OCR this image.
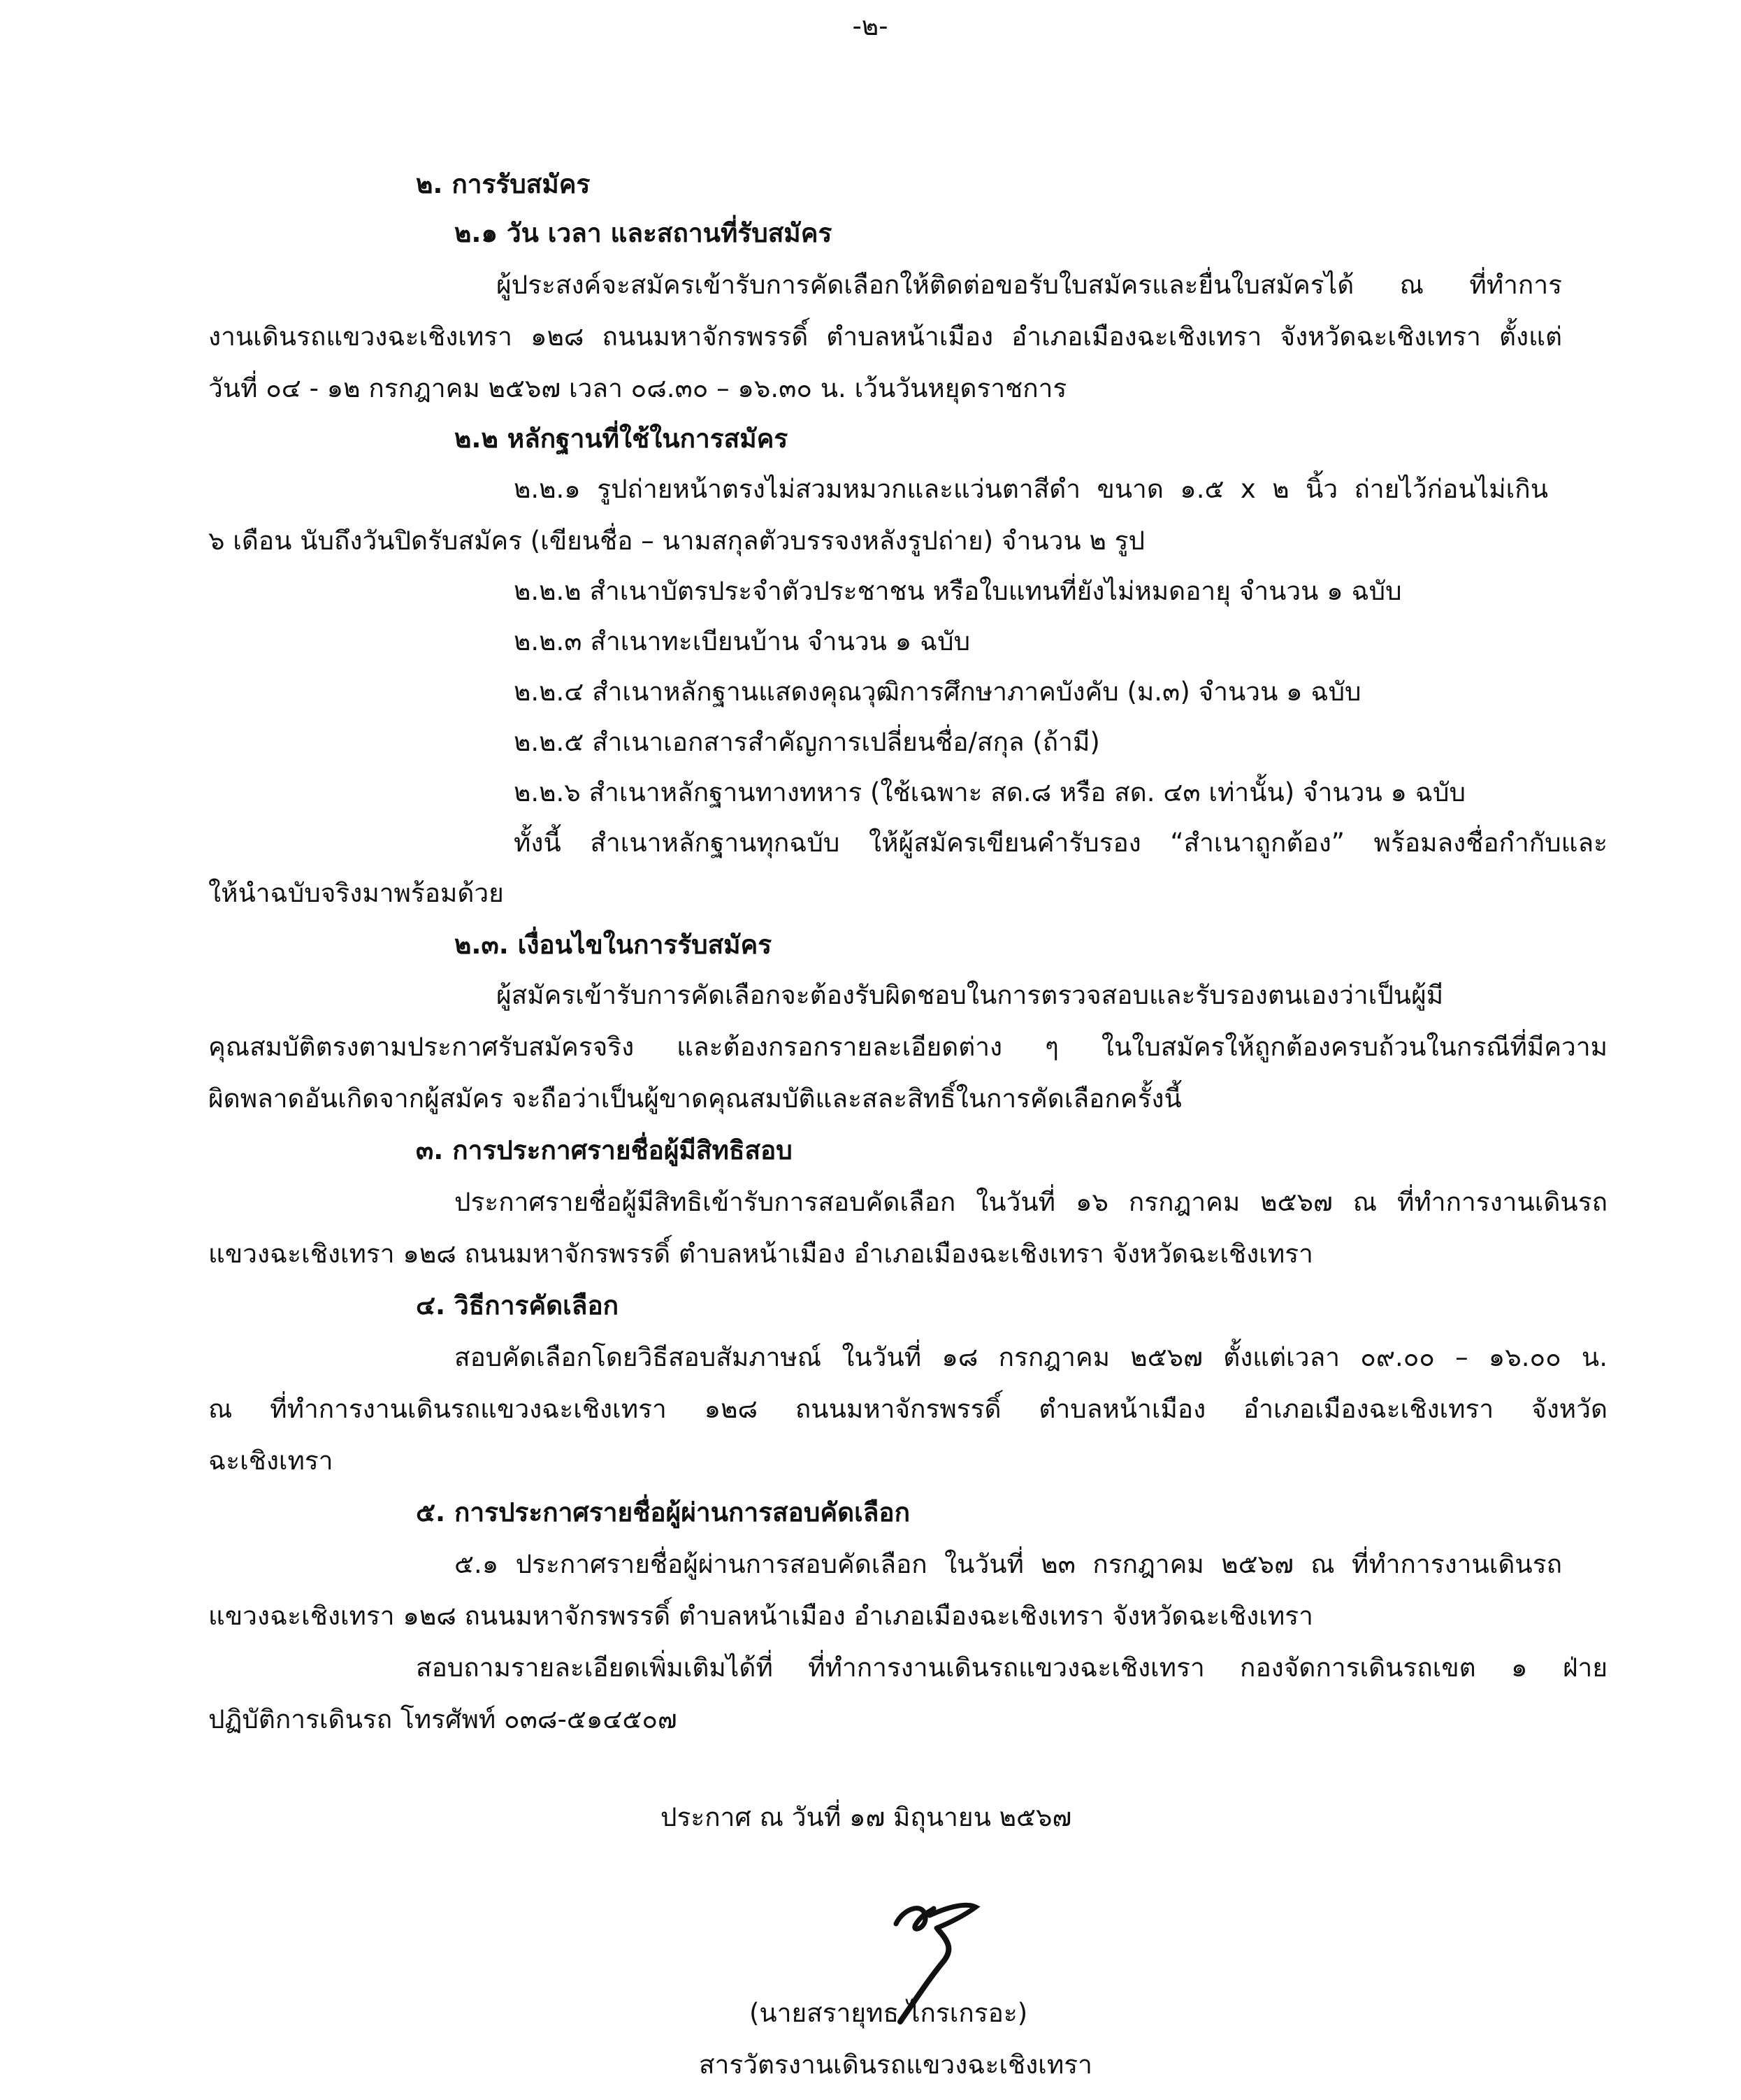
-๒-
๒. การรับสมัคร
๒.๑ วัน เวลา และสถานที่รับสมัคร
ผู้ประสงค์จะสมัครเข้ารับการคัดเลือกให้ติดต่อขอรับใบสมัครและยื่นใบสมัครได้ ณ ที่ทำการ
งานเดินรถแขวงฉะเชิงเทรา ๑๒๘ ถนนมหาจักรพรรดิ์ ตำบลหน้าเมือง อำเภอเมืองฉะเชิงเทรา จังหวัดฉะเชิงเทรา ตั้งแต่
วันที่ ๐๔ - ๑๒ กรกฎาคม ๒๕๖๗ เวลา ๐๘.๓๐ – ๑๖.๓๐ น. เว้นวันหยุดราชการ
๒.๒ หลักฐานที่ใช้ในการสมัคร
๒.๒.๑ รูปถ่ายหน้าตรงไม่สวมหมวกและแว่นตาสีดำ ขนาด ๑.๕ x ๒ นิ้ว ถ่ายไว้ก่อนไม่เกิน
๖ เดือน นับถึงวันปิดรับสมัคร (เขียนชื่อ – นามสกุลตัวบรรจงหลังรูปถ่าย) จำนวน ๒ รูป
๒.๒.๒ สำเนาบัตรประจำตัวประชาชน หรือใบแทนที่ยังไม่หมดอายุ จำนวน ๑ ฉบับ
๒.๒.๓ สำเนาทะเบียนบ้าน จำนวน ๑ ฉบับ
๒.๒.๔ สำเนาหลักฐานแสดงคุณวุฒิการศึกษาภาคบังคับ (ม.๓) จำนวน ๑ ฉบับ
๒.๒.๕ สำเนาเอกสารสำคัญการเปลี่ยนชื่อ/สกุล (ถ้ามี)
๒.๒.๖ สำเนาหลักฐานทางทหาร (ใช้เฉพาะ สด.๘ หรือ สด. ๔๓ เท่านั้น) จำนวน ๑ ฉบับ
ทั้งนี้ สำเนาหลักฐานทุกฉบับ ให้ผู้สมัครเขียนคำรับรอง “สำเนาถูกต้อง” พร้อมลงชื่อกำกับและ
ให้นำฉบับจริงมาพร้อมด้วย
๒.๓. เงื่อนไขในการรับสมัคร
ผู้สมัครเข้ารับการคัดเลือกจะต้องรับผิดชอบในการตรวจสอบและรับรองตนเองว่าเป็นผู้มี
คุณสมบัติตรงตามประกาศรับสมัครจริง และต้องกรอกรายละเอียดต่าง ๆ ในใบสมัครให้ถูกต้องครบถ้วนในกรณีที่มีความ
ผิดพลาดอันเกิดจากผู้สมัคร จะถือว่าเป็นผู้ขาดคุณสมบัติและสละสิทธิ์ในการคัดเลือกครั้งนี้
๓. การประกาศรายชื่อผู้มีสิทธิสอบ
ประกาศรายชื่อผู้มีสิทธิเข้ารับการสอบคัดเลือก ในวันที่ ๑๖ กรกฎาคม ๒๕๖๗ ณ ที่ทำการงานเดินรถ
แขวงฉะเชิงเทรา ๑๒๘ ถนนมหาจักรพรรดิ์ ตำบลหน้าเมือง อำเภอเมืองฉะเชิงเทรา จังหวัดฉะเชิงเทรา
๔. วิธีการคัดเลือก
สอบคัดเลือกโดยวิธีสอบสัมภาษณ์ ในวันที่ ๑๘ กรกฎาคม ๒๕๖๗ ตั้งแต่เวลา ๐๙.๐๐ – ๑๖.๐๐ น.
ณ ที่ทำการงานเดินรถแขวงฉะเชิงเทรา ๑๒๘ ถนนมหาจักรพรรดิ์ ตำบลหน้าเมือง อำเภอเมืองฉะเชิงเทรา จังหวัด
ฉะเชิงเทรา
๕. การประกาศรายชื่อผู้ผ่านการสอบคัดเลือก
๕.๑ ประกาศรายชื่อผู้ผ่านการสอบคัดเลือก ในวันที่ ๒๓ กรกฎาคม ๒๕๖๗ ณ ที่ทำการงานเดินรถ
แขวงฉะเชิงเทรา ๑๒๘ ถนนมหาจักรพรรดิ์ ตำบลหน้าเมือง อำเภอเมืองฉะเชิงเทรา จังหวัดฉะเชิงเทรา
สอบถามรายละเอียดเพิ่มเติมได้ที่ ที่ทำการงานเดินรถแขวงฉะเชิงเทรา กองจัดการเดินรถเขต ๑ ฝ่าย
ปฏิบัติการเดินรถ โทรศัพท์ ๐๓๘-๕๑๔๕๐๗
ประกาศ ณ วันที่ ๑๗ มิถุนายน ๒๕๖๗
(นายสรายุทธ ไกรเกรอะ)
สารวัตรงานเดินรถแขวงฉะเชิงเทรา
